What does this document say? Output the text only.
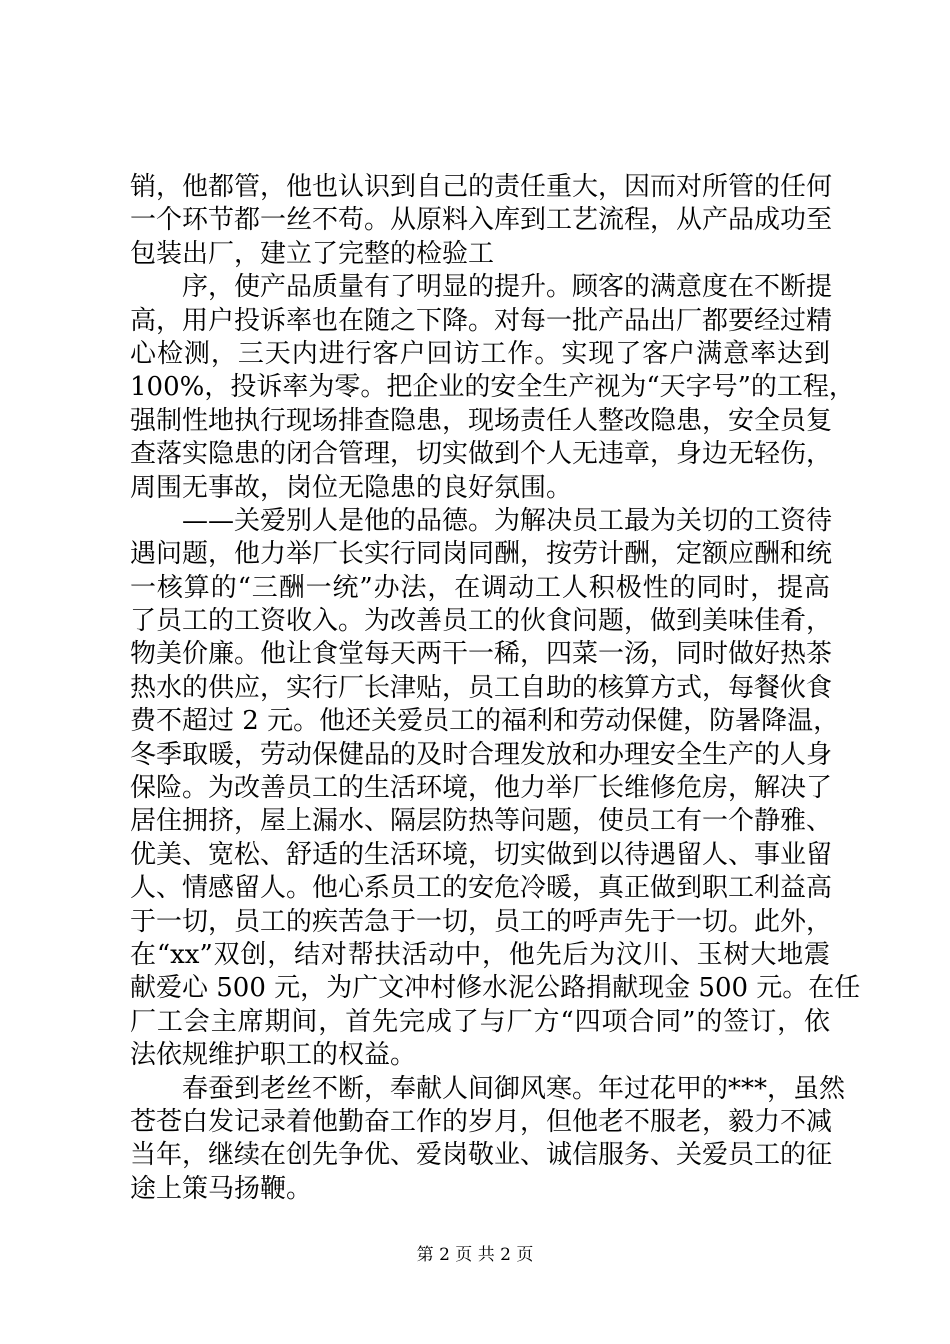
销，他都管，他也认识到自己的责任重大，因而对所管的任何
一个环节都一丝不苟。从原料入库到工艺流程，从产品成功至
包装出厂，建立了完整的检验工
序，使产品质量有了明显的提升。顾客的满意度在不断提
高，用户投诉率也在随之下降。对每一批产品出厂都要经过精
心检测，三天内进行客户回访工作。实现了客户满意率达到
100%，投诉率为零。把企业的安全生产视为“天字号”的工程，
强制性地执行现场排查隐患，现场责任人整改隐患，安全员复
查落实隐患的闭合管理，切实做到个人无违章，身边无轻伤，
周围无事故，岗位无隐患的良好氛围。
——关爱别人是他的品德。为解决员工最为关切的工资待
遇问题，他力举厂长实行同岗同酬，按劳计酬，定额应酬和统
一核算的“三酬一统”办法，在调动工人积极性的同时，提高
了员工的工资收入。为改善员工的伙食问题，做到美味佳肴，
物美价廉。他让食堂每天两干一稀，四菜一汤，同时做好热茶
热水的供应，实行厂长津贴，员工自助的核算方式，每餐伙食
费不超过 2 元。他还关爱员工的福利和劳动保健，防暑降温，
冬季取暖，劳动保健品的及时合理发放和办理安全生产的人身
保险。为改善员工的生活环境，他力举厂长维修危房，解决了
居住拥挤，屋上漏水、隔层防热等问题，使员工有一个静雅、
优美、宽松、舒适的生活环境，切实做到以待遇留人、事业留
人、情感留人。他心系员工的安危冷暖，真正做到职工利益高
于一切，员工的疾苦急于一切，员工的呼声先于一切。此外，
在“xx”双创，结对帮扶活动中，他先后为汶川、玉树大地震
献爱心 500 元，为广文冲村修水泥公路捐献现金 500 元。在任
厂工会主席期间，首先完成了与厂方“四项合同”的签订，依
法依规维护职工的权益。
春蚕到老丝不断，奉献人间御风寒。年过花甲的***，虽然
苍苍白发记录着他勤奋工作的岁月，但他老不服老，毅力不减
当年，继续在创先争优、爱岗敬业、诚信服务、关爱员工的征
途上策马扬鞭。
第 2 页 共 2 页
